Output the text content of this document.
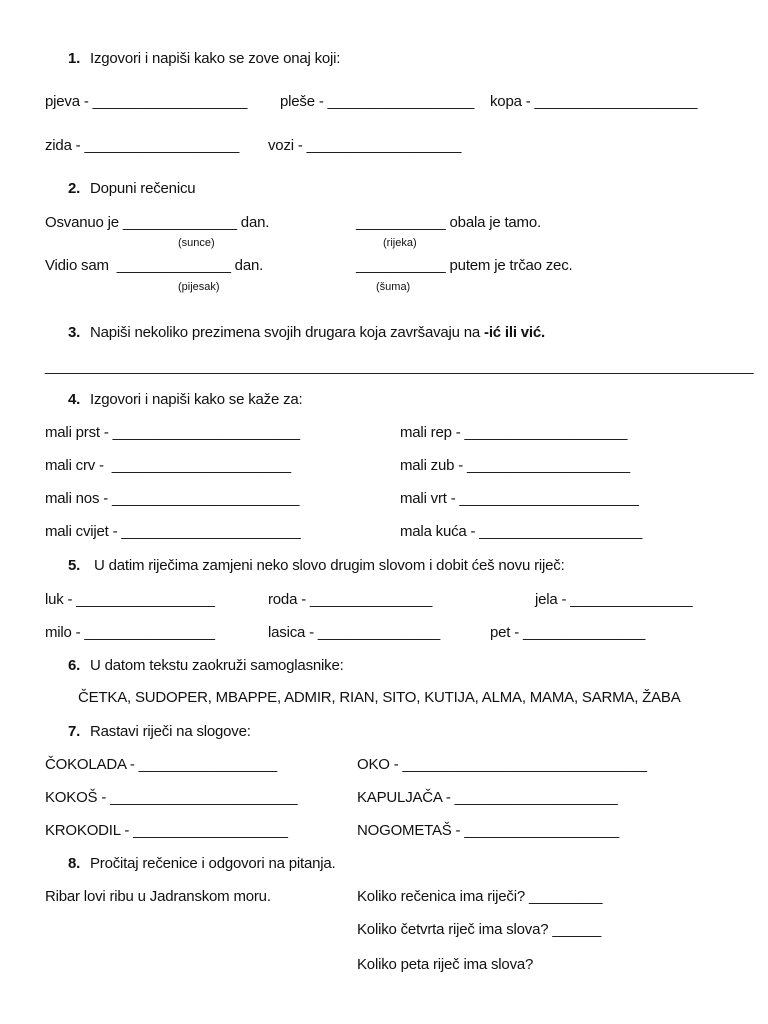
1. Izgovori i napiši kako se zove onaj koji:
pjeva - ___________________ pleše - __________________ kopa - ____________________
zida - ___________________ vozi - ___________________
2. Dopuni rečenicu
Osvanuo je ______________ dan.	___________ obala je tamo.
(sunce)	(rijeka)
Vidio sam  ______________ dan.	___________ putem je trčao zec.
(pijesak)	(šuma)
3. Napiši nekoliko prezimena svojih drugara koja završavaju na -ić ili vić.
_______________________________________________________________________________________
4. Izgovori i napiši kako se kaže za:
mali prst - _______________________	mali rep - ____________________
mali crv -  ______________________	mali zub - ____________________
mali nos - _______________________	mali vrt - ______________________
mali cvijet - ______________________	mala kuća - ____________________
5. U datim riječima zamjeni neko slovo drugim slovom i dobit ćeš novu riječ:
luk - _________________	roda - _______________	jela - _______________
milo - ________________	lasica - _______________	pet - _______________
6. U datom tekstu zaokruži samoglasnike:
ČETKA, SUDOPER, MBAPPE, ADMIR, RIAN, SITO, KUTIJA, ALMA, MAMA, SARMA, ŽABA
7. Rastavi riječi na slogove:
ČOKOLADA - _________________	OKO - ______________________________
KOKOŠ - _______________________	KAPULJAČA - ____________________
KROKODIL - ___________________	NOGOMETAŠ - ___________________
8. Pročitaj rečenice i odgovori na pitanja.
Ribar lovi ribu u Jadranskom moru.	Koliko rečenica ima riječi? _________
Koliko četvrta riječ ima slova? ______
Koliko peta riječ ima slova?
